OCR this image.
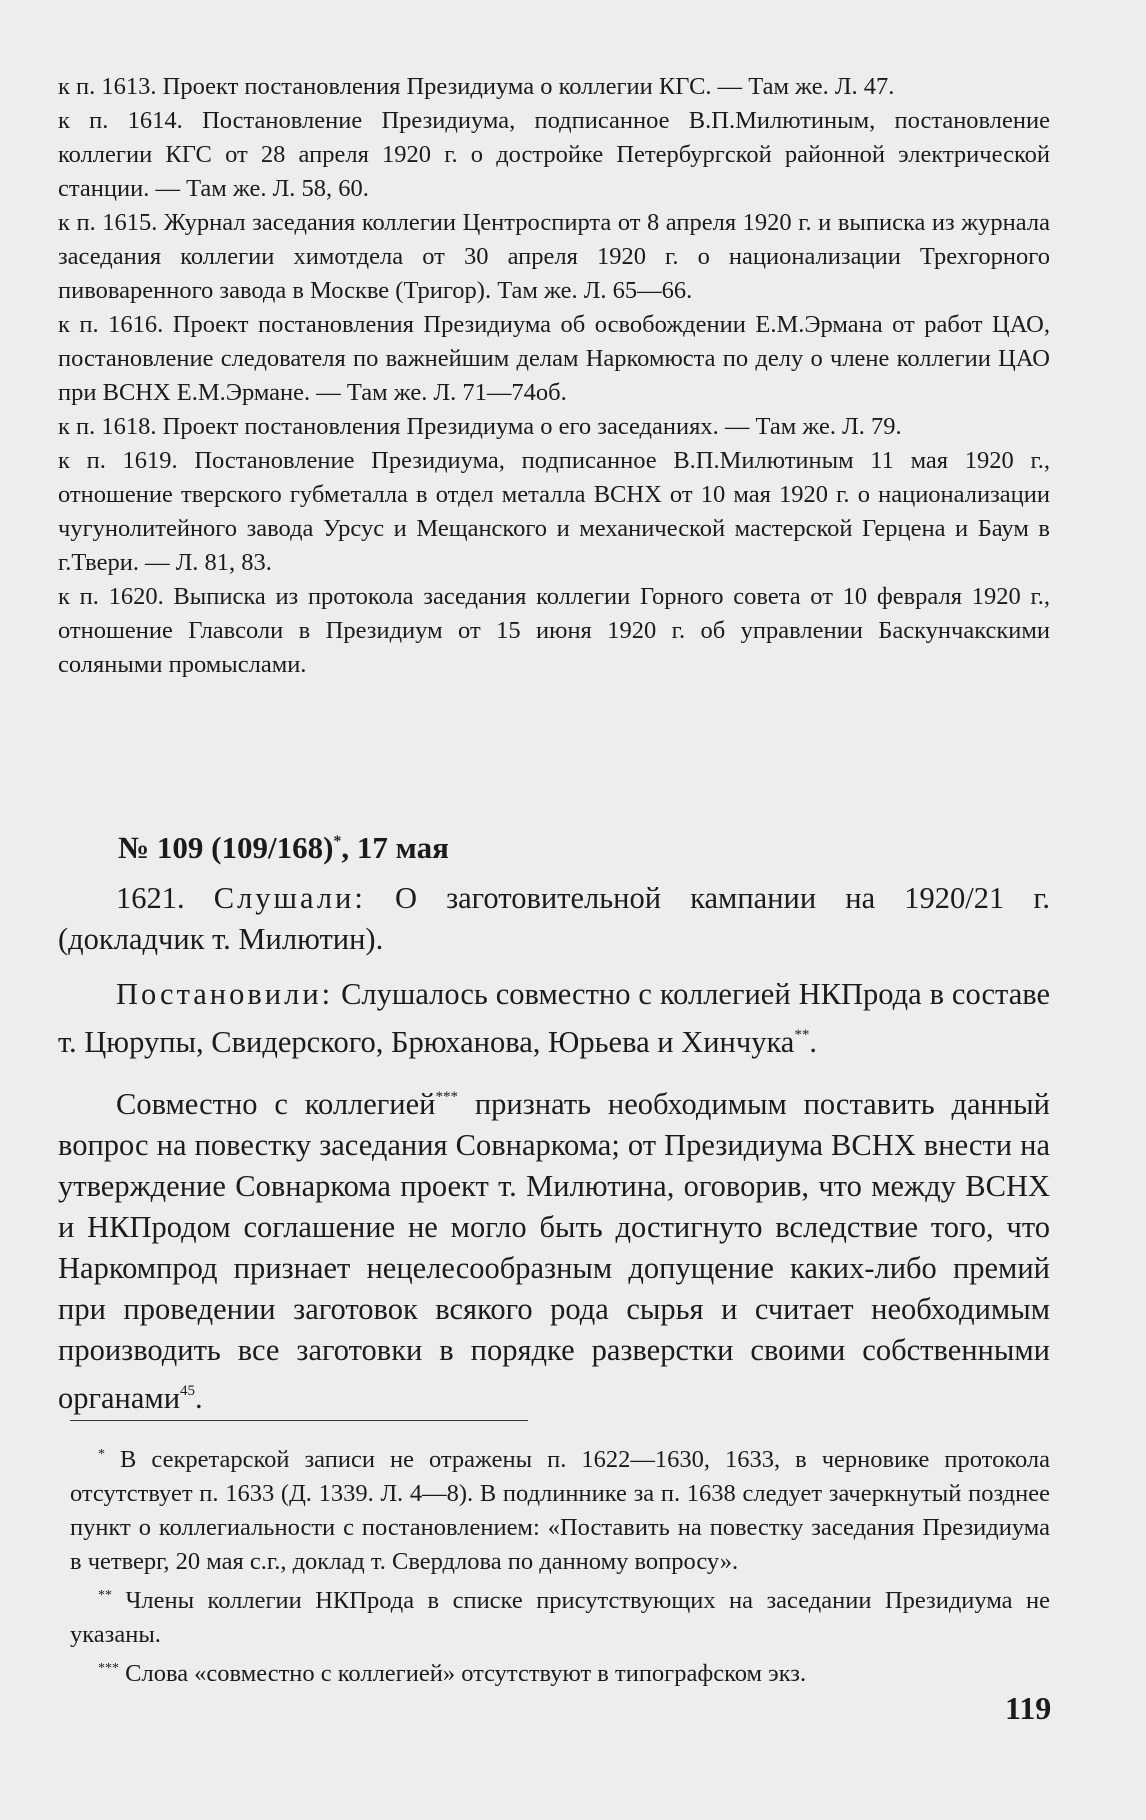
к п. 1613. Проект постановления Президиума о коллегии КГС. — Там же. Л. 47.

к п. 1614. Постановление Президиума, подписанное В.П.Милютиным, постановление коллегии КГС от 28 апреля 1920 г. о достройке Петербургской районной электрической станции. — Там же. Л. 58, 60.

к п. 1615. Журнал заседания коллегии Центроспирта от 8 апреля 1920 г. и выписка из журнала заседания коллегии химотдела от 30 апреля 1920 г. о национализации Трехгорного пивоваренного завода в Москве (Тригор). Там же. Л. 65—66.

к п. 1616. Проект постановления Президиума об освобождении Е.М.Эрмана от работ ЦАО, постановление следователя по важнейшим делам Наркомюста по делу о члене коллегии ЦАО при ВСНХ Е.М.Эрмане. — Там же. Л. 71—74об.

к п. 1618. Проект постановления Президиума о его заседаниях. — Там же. Л. 79.

к п. 1619. Постановление Президиума, подписанное В.П.Милютиным 11 мая 1920 г., отношение тверского губметалла в отдел металла ВСНХ от 10 мая 1920 г. о национализации чугунолитейного завода Урсус и Мещанского и механической мастерской Герцена и Баум в г.Твери. — Л. 81, 83.

к п. 1620. Выписка из протокола заседания коллегии Горного совета от 10 февраля 1920 г., отношение Главсоли в Президиум от 15 июня 1920 г. об управлении Баскунчакскими соляными промыслами.

№ 109 (109/168)*, 17 мая

1621. Слушали: О заготовительной кампании на 1920/21 г. (докладчик т. Милютин).

Постановили: Слушалось совместно с коллегией НКПрода в составе т. Цюрупы, Свидерского, Брюханова, Юрьева и Хинчука**.

Совместно с коллегией*** признать необходимым поставить данный вопрос на повестку заседания Совнаркома; от Президиума ВСНХ внести на утверждение Совнаркома проект т. Милютина, оговорив, что между ВСНХ и НКПродом соглашение не могло быть достигнуто вследствие того, что Наркомпрод признает нецелесообразным допущение каких-либо премий при проведении заготовок всякого рода сырья и считает необходимым производить все заготовки в порядке разверстки своими собственными органами$^{45}$.

* В секретарской записи не отражены п. 1622—1630, 1633, в черновике протокола отсутствует п. 1633 (Д. 1339. Л. 4—8). В подлиннике за п. 1638 следует зачеркнутый позднее пункт о коллегиальности с постановлением: «Поставить на повестку заседания Президиума в четверг, 20 мая с.г., доклад т. Свердлова по данному вопросу».

** Члены коллегии НКПрода в списке присутствующих на заседании Президиума не указаны.

*** Слова «совместно с коллегией» отсутствуют в типографском экз.

119
